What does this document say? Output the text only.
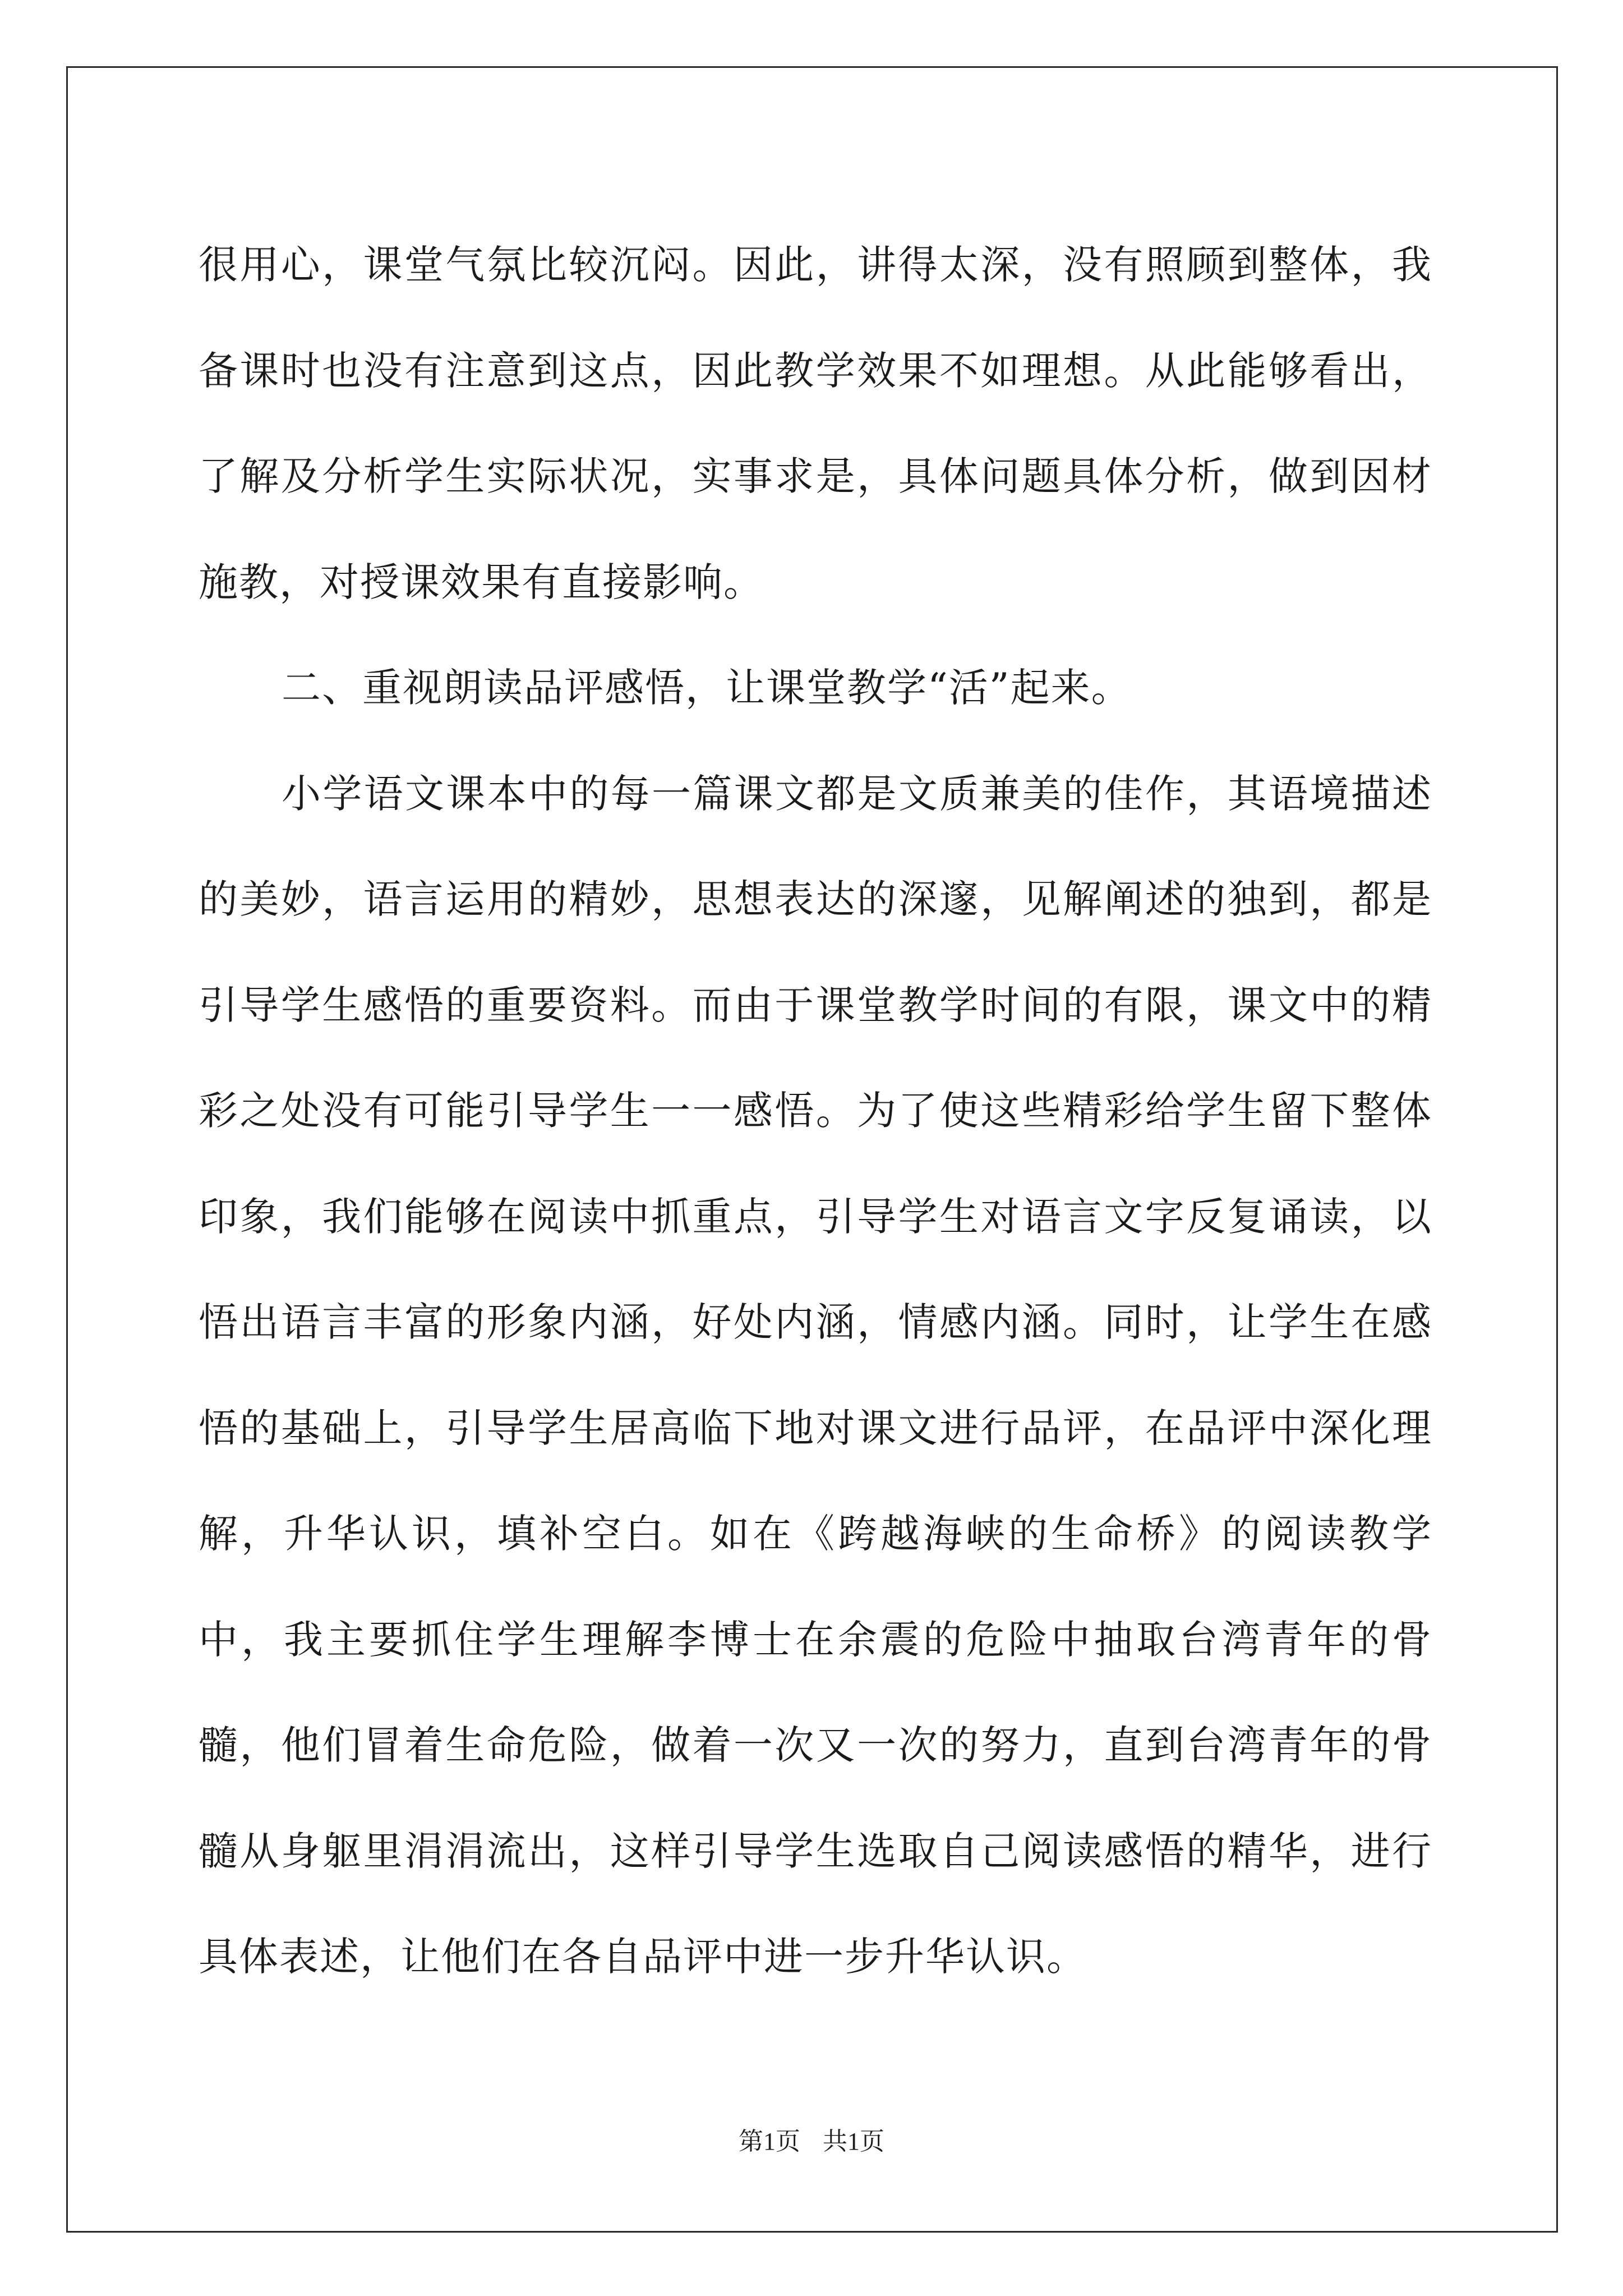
很用心，课堂气氛比较沉闷。因此，讲得太深，没有照顾到整体，我备课时也没有注意到这点，因此教学效果不如理想。从此能够看出，了解及分析学生实际状况，实事求是，具体问题具体分析，做到因材施教，对授课效果有直接影响。

二、重视朗读品评感悟，让课堂教学“活”起来。

小学语文课本中的每一篇课文都是文质兼美的佳作，其语境描述的美妙，语言运用的精妙，思想表达的深邃，见解阐述的独到，都是引导学生感悟的重要资料。而由于课堂教学时间的有限，课文中的精彩之处没有可能引导学生一一感悟。为了使这些精彩给学生留下整体印象，我们能够在阅读中抓重点，引导学生对语言文字反复诵读，以悟出语言丰富的形象内涵，好处内涵，情感内涵。同时，让学生在感悟的基础上，引导学生居高临下地对课文进行品评，在品评中深化理解，升华认识，填补空白。如在《跨越海峡的生命桥》的阅读教学中，我主要抓住学生理解李博士在余震的危险中抽取台湾青年的骨髓，他们冒着生命危险，做着一次又一次的努力，直到台湾青年的骨髓从身躯里涓涓流出，这样引导学生选取自己阅读感悟的精华，进行具体表述，让他们在各自品评中进一步升华认识。

第1页 共1页
